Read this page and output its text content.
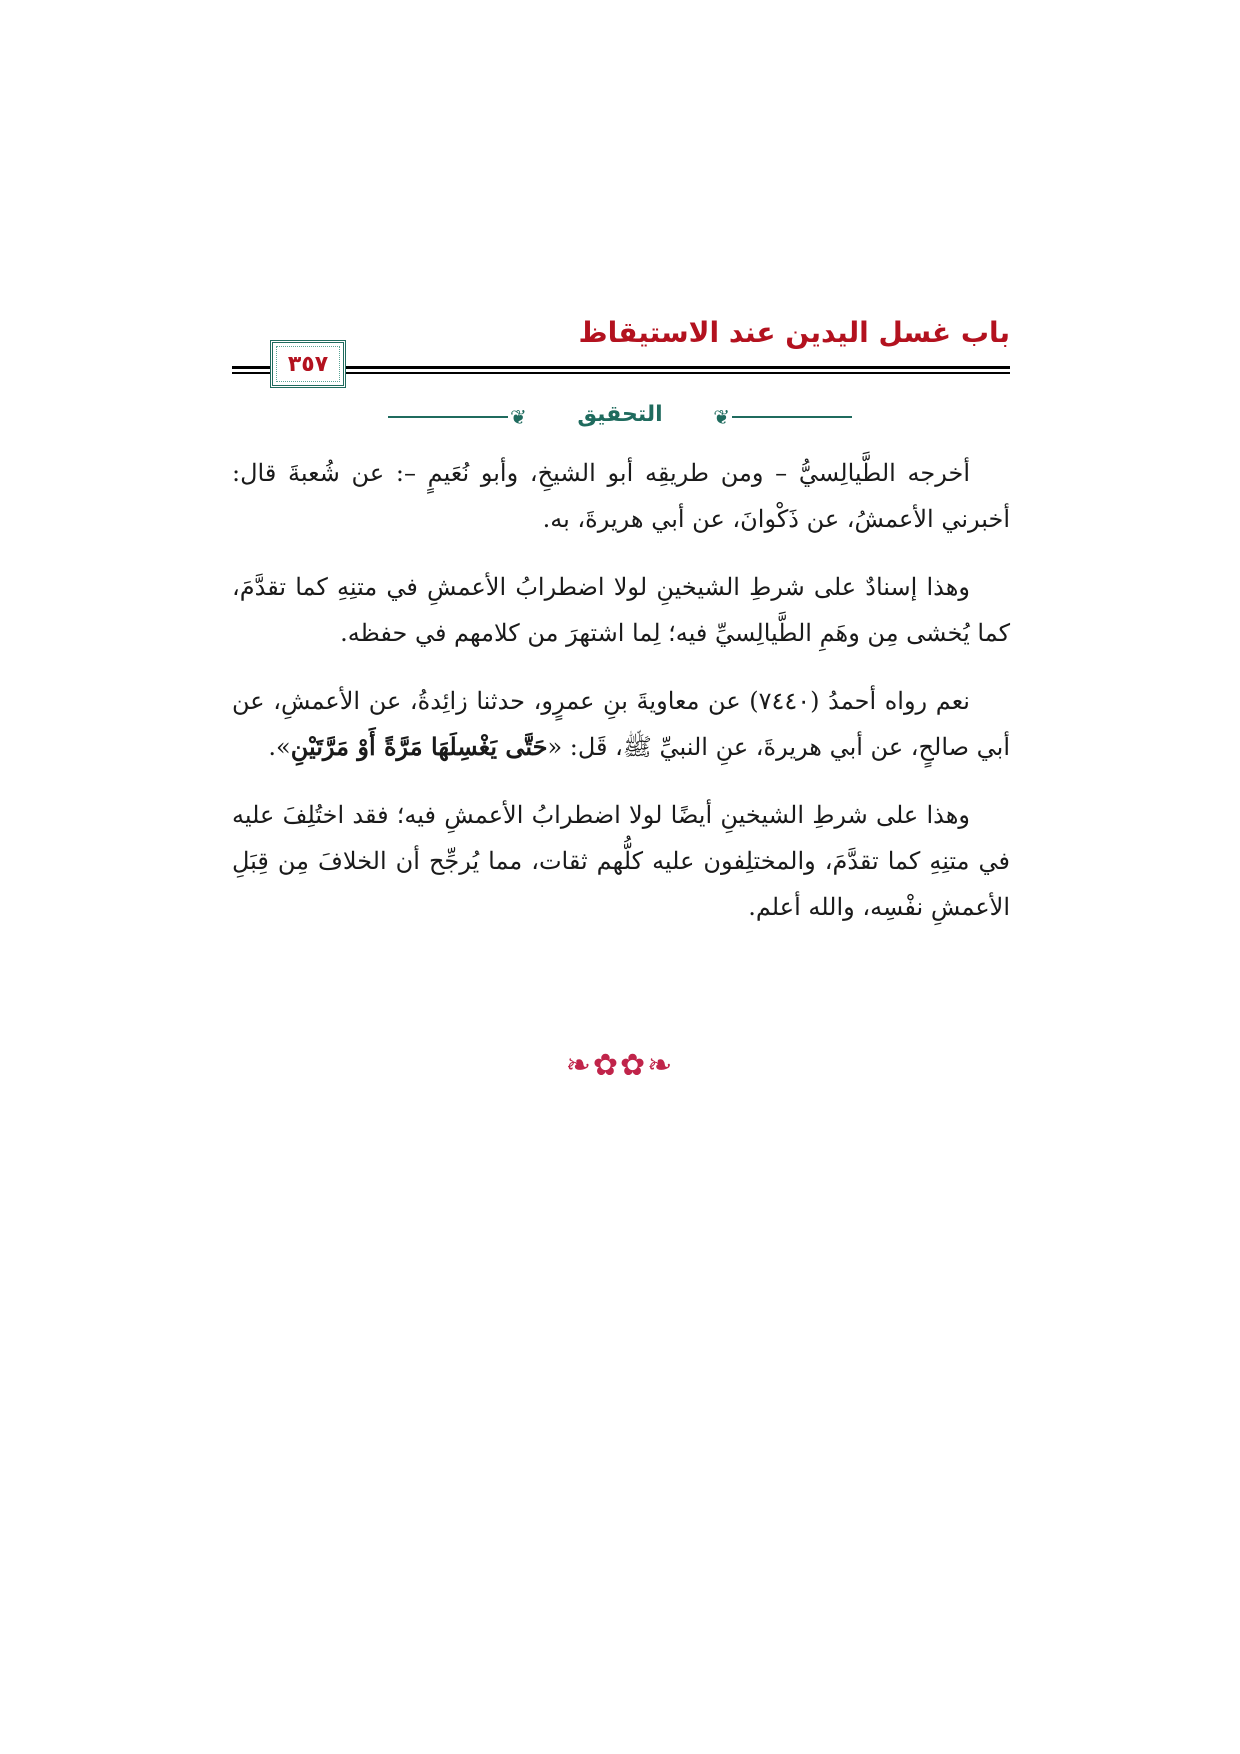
باب غسل اليدين عند الاستيقاظ
٣٥٧
❦	التحقيق	❦

أخرجه الطَّيالِسيُّ – ومن طريقِه أبو الشيخِ، وأبو نُعَيمٍ –: عن شُعبةَ قال: أخبرني الأعمشُ، عن ذَكْوانَ، عن أبي هريرةَ، به.

وهذا إسنادٌ على شرطِ الشيخينِ لولا اضطرابُ الأعمشِ في متنِهِ كما تقدَّمَ، كما يُخشى مِن وهَمِ الطَّيالِسيِّ فيه؛ لِما اشتهرَ من كلامهم في حفظه.

نعم رواه أحمدُ (٧٤٤٠) عن معاويةَ بنِ عمرٍو، حدثنا زائِدةُ، عن الأعمشِ، عن أبي صالحٍ، عن أبي هريرةَ، عنِ النبيِّ ﷺ، قَل: «حَتَّى يَغْسِلَهَا مَرَّةً أَوْ مَرَّتَيْنِ».

وهذا على شرطِ الشيخينِ أيضًا لولا اضطرابُ الأعمشِ فيه؛ فقد اختُلِفَ عليه في متنِهِ كما تقدَّمَ، والمختلِفون عليه كلُّهم ثقات، مما يُرجِّح أن الخلافَ مِن قِبَلِ الأعمشِ نفْسِه، والله أعلم.

❧✿✿❧
